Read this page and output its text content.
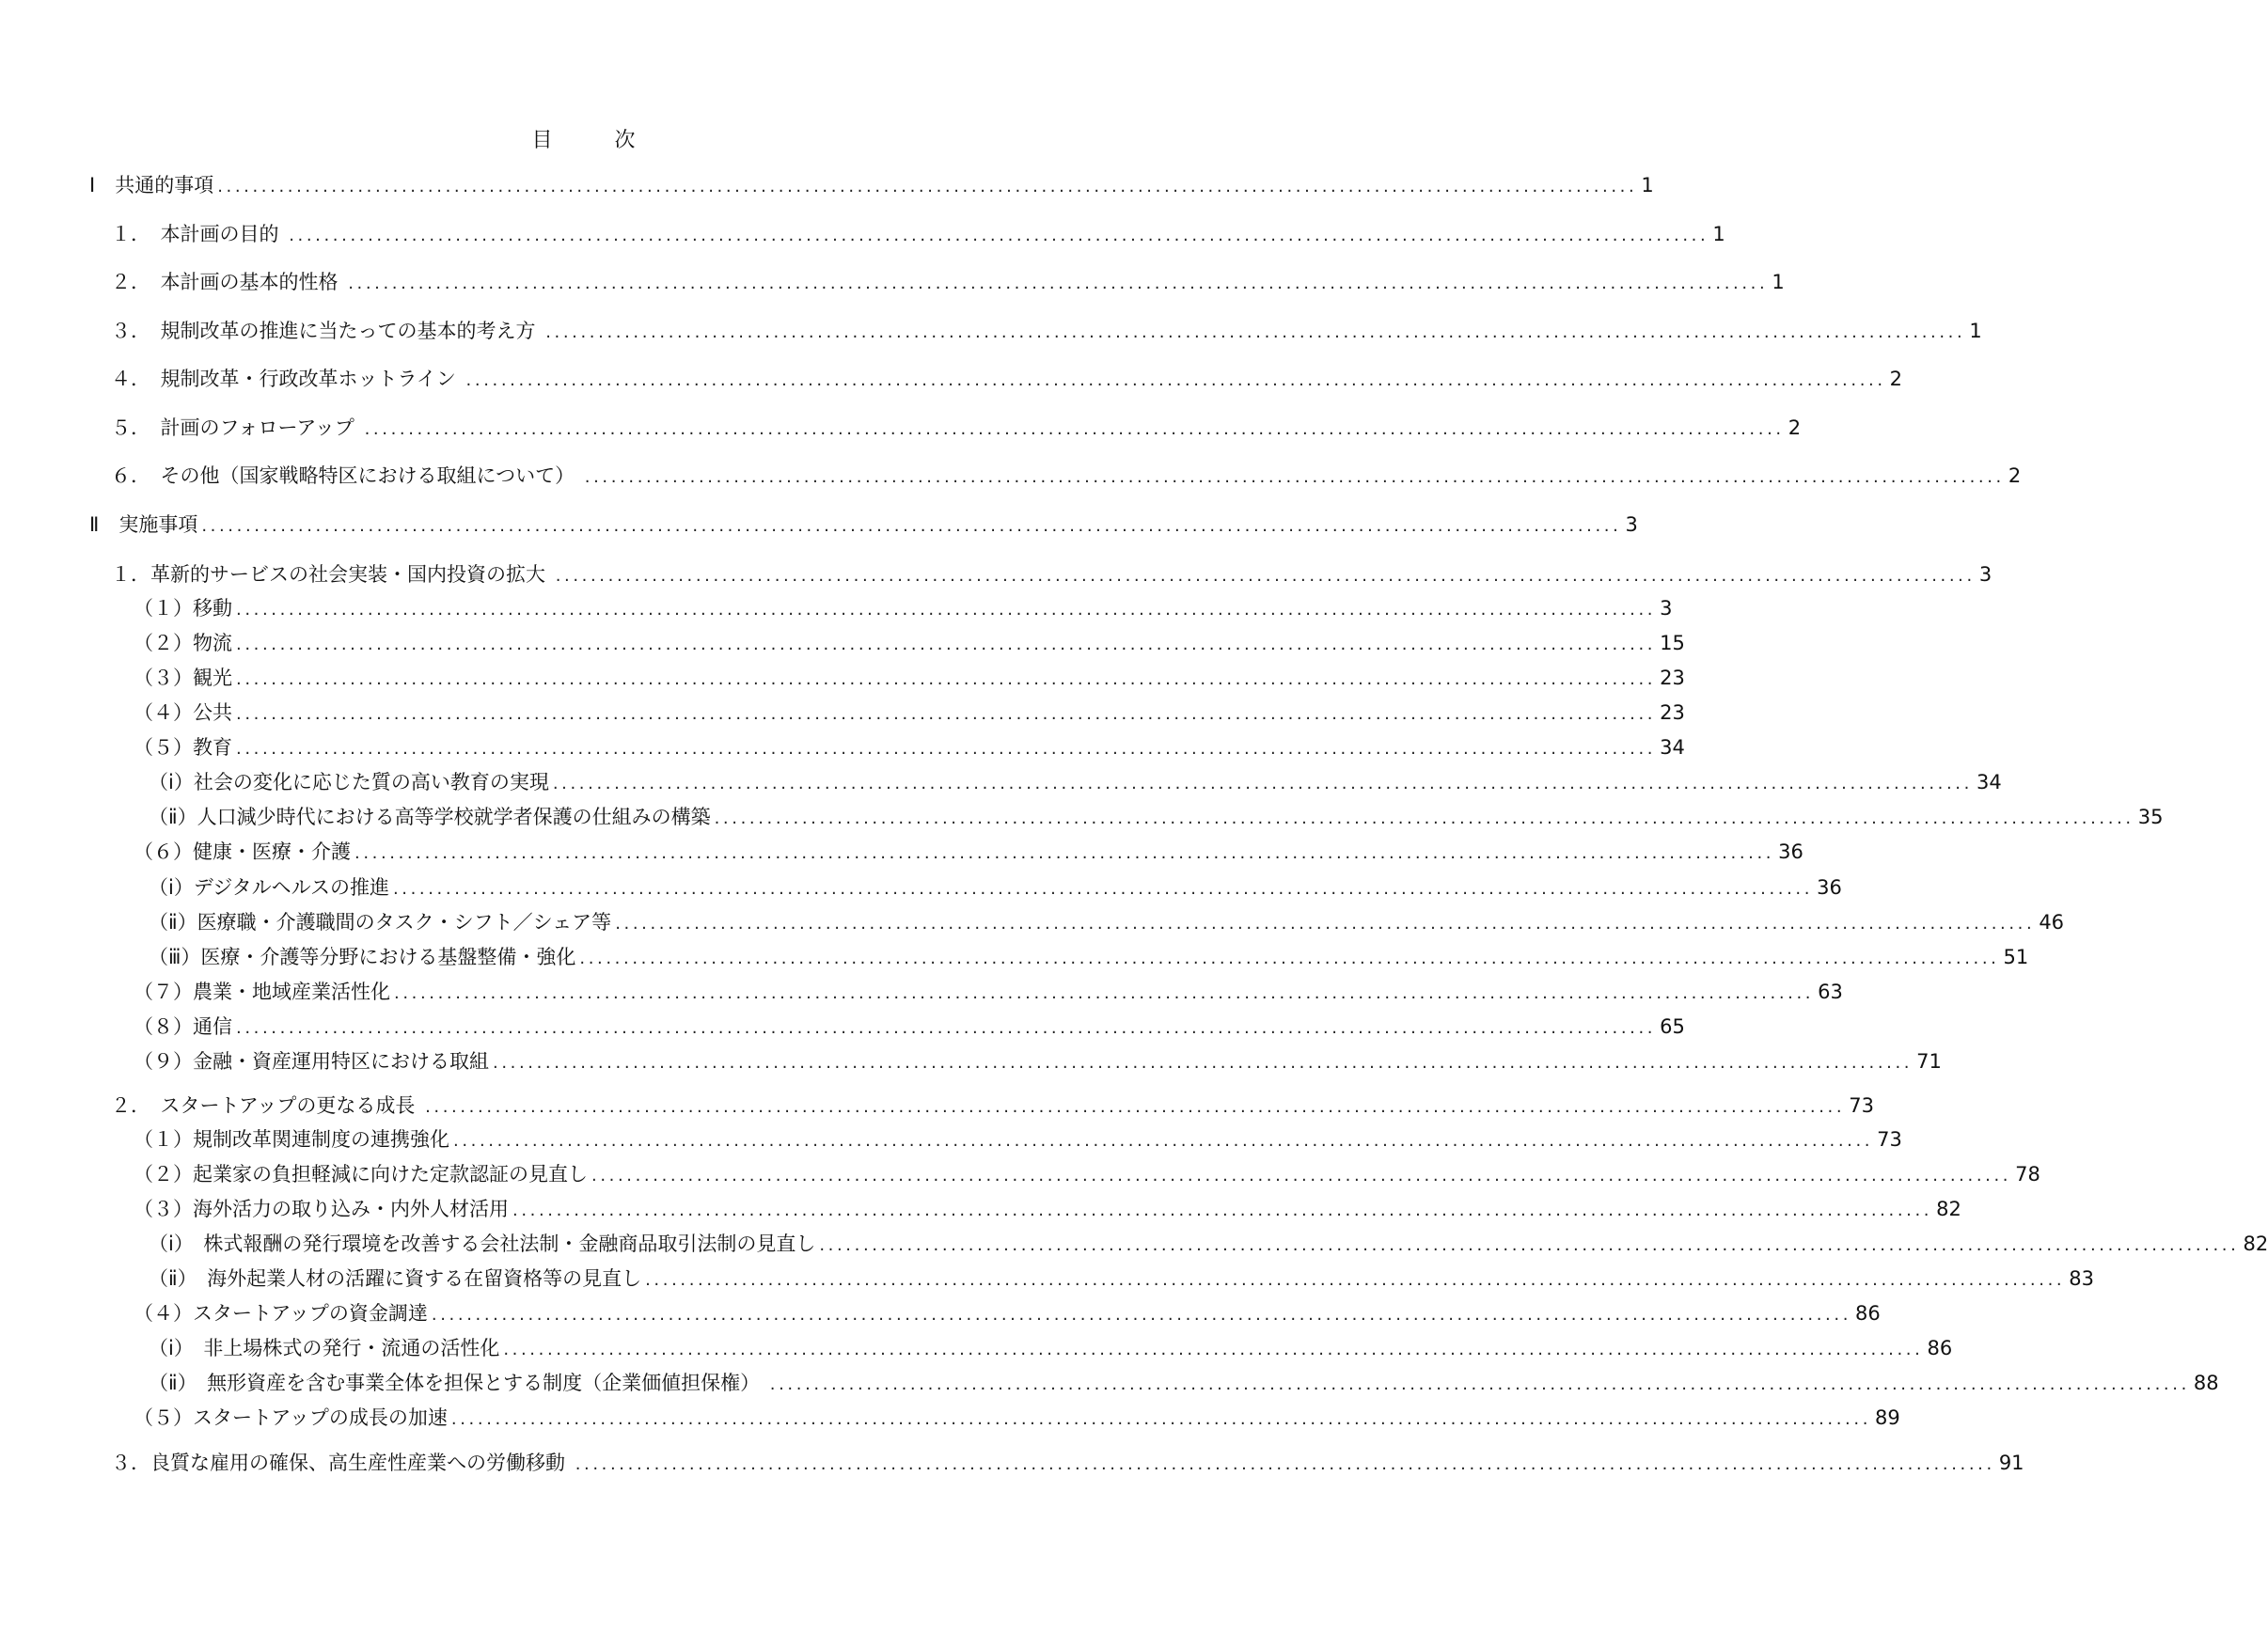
目　次
Ⅰ　共通的事項 .................................................................................................................................................................. 1
１．　本計画の目的 .................................................................................................................................................................. 1
２．　本計画の基本的性格 .................................................................................................................................................................. 1
３．　規制改革の推進に当たっての基本的考え方 .................................................................................................................................................................. 1
４．　規制改革・行政改革ホットライン .................................................................................................................................................................. 2
５．　計画のフォローアップ .................................................................................................................................................................. 2
６．　その他（国家戦略特区における取組について） .................................................................................................................................................................. 2
Ⅱ　実施事項 .................................................................................................................................................................. 3
１．革新的サービスの社会実装・国内投資の拡大 .................................................................................................................................................................. 3
（１）移動 .................................................................................................................................................................. 3
（２）物流 .................................................................................................................................................................. 15
（３）観光 .................................................................................................................................................................. 23
（４）公共 .................................................................................................................................................................. 23
（５）教育 .................................................................................................................................................................. 34
（ⅰ）社会の変化に応じた質の高い教育の実現 .................................................................................................................................................................. 34
（ⅱ）人口減少時代における高等学校就学者保護の仕組みの構築 .................................................................................................................................................................. 35
（６）健康・医療・介護 .................................................................................................................................................................. 36
（ⅰ）デジタルヘルスの推進 .................................................................................................................................................................. 36
（ⅱ）医療職・介護職間のタスク・シフト／シェア等 .................................................................................................................................................................. 46
（ⅲ）医療・介護等分野における基盤整備・強化 .................................................................................................................................................................. 51
（７）農業・地域産業活性化 .................................................................................................................................................................. 63
（８）通信 .................................................................................................................................................................. 65
（９）金融・資産運用特区における取組 .................................................................................................................................................................. 71
２．　スタートアップの更なる成長 .................................................................................................................................................................. 73
（１）規制改革関連制度の連携強化 .................................................................................................................................................................. 73
（２）起業家の負担軽減に向けた定款認証の見直し .................................................................................................................................................................. 78
（３）海外活力の取り込み・内外人材活用 .................................................................................................................................................................. 82
（ⅰ）　株式報酬の発行環境を改善する会社法制・金融商品取引法制の見直し .................................................................................................................................................................. 82
（ⅱ）　海外起業人材の活躍に資する在留資格等の見直し .................................................................................................................................................................. 83
（４）スタートアップの資金調達 .................................................................................................................................................................. 86
（ⅰ）　非上場株式の発行・流通の活性化 .................................................................................................................................................................. 86
（ⅱ）　無形資産を含む事業全体を担保とする制度（企業価値担保権） .................................................................................................................................................................. 88
（５）スタートアップの成長の加速 .................................................................................................................................................................. 89
３．良質な雇用の確保、高生産性産業への労働移動 .................................................................................................................................................................. 91
